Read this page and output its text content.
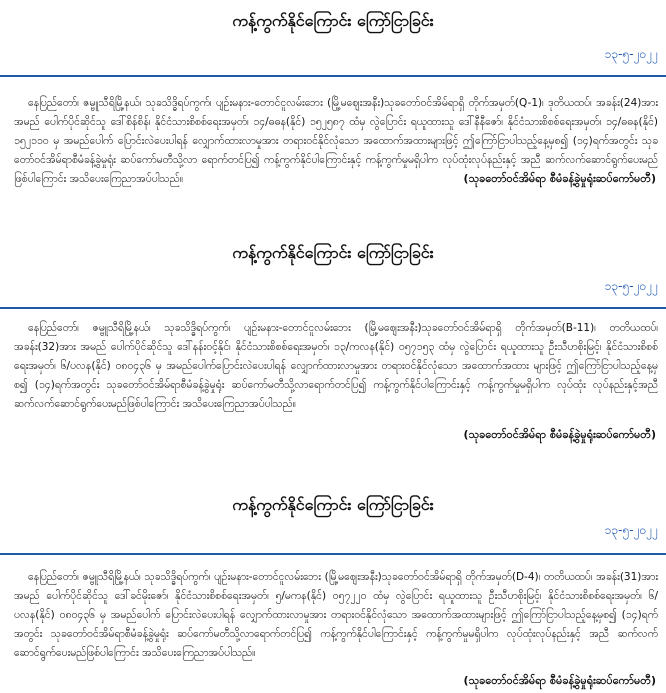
ကန့်ကွက်နိုင်ကြောင်း ကြော်ငြာခြင်း
၁၃-၅-၂၀၂၂
နေပြည်တော်၊ ဇမ္ဗူသီရိမြို့နယ်၊ သုခသိဒ္ဓိရပ်ကွက်၊ ပျဉ်းမနား-တောင်ငူလမ်းဘေး (မြို့မဈေးအနီး)သုခတော်ဝင်အိမ်ရာရှိ တိုက်အမှတ်(Q-1)၊ ဒုတိယထပ်၊ အခန်း(24)အား အမည် ပေါက်ပိုင်ဆိုင်သူ ဒေါ်စိန်စိန်၊ နိုင်ငံသားစိစစ်ရေးအမှတ်၊ ၁၄/ဓဓန(နိုင်) ၁၅၂၅၈၇ ထံမှ လွဲပြောင်း ရယူထားသူ ဒေါ်နီနီဇော်၊ နိုင်ငံသားစိစစ်ရေးအမှတ်၊ ၁၄/ဓဓန(နိုင်) ၁၅၂၁၁၀ မှ အမည်ပေါက် ပြောင်းလဲပေးပါရန် လျှောက်ထားလာမှုအား တရားဝင်နိုင်လုံသော အထောက်အထားများဖြင့် ဤကြော်ငြာပါသည့်နေ့မှစ၍ (၁၄)ရက်အတွင်း သုခတော်ဝင်အိမ်ရာစီမံခန့်ခွဲမှုရုံး ဆပ်ကော်မတီသို့လာ ရောက်တင်ပြ၍ ကန့်ကွက်နိုင်ပါကြောင်းနှင့် ကန့်ကွက်မှုမရှိပါက လုပ်ထုံးလုပ်နည်းနှင့် အညီ ဆက်လက်ဆောင်ရွက်ပေးမည်ဖြစ်ပါကြောင်း အသိပေးကြေညာအပ်ပါသည်။	(သုခတော်ဝင်အိမ်ရာ စီမံခန့်ခွဲမှုရုံးဆပ်ကော်မတီ)
ကန့်ကွက်နိုင်ကြောင်း ကြော်ငြာခြင်း
၁၃-၅-၂၀၂၂
နေပြည်တော်၊ ဇမ္ဗူသီရိမြို့နယ်၊ သုခသိဒ္ဓိရပ်ကွက်၊ ပျဉ်းမနား-တောင်ငူလမ်းဘေး (မြို့မဈေးအနီး)သုခတော်ဝင်အိမ်ရာရှိ တိုက်အမှတ်(B-11)၊ တတိယထပ်၊ အခန်း(32)အား အမည် ပေါက်ပိုင်ဆိုင်သူ ဒေါ်နန်းဝင့်နိုင်၊ နိုင်ငံသားစိစစ်ရေးအမှတ်၊ ၁၃/ကလန(နိုင်) ၀၅၇၁၅၃ ထံမှ လွဲပြောင်း ရယူထားသူ ဦးသီဟစိုးမြင့်၊ နိုင်ငံသားစိစစ်ရေးအမှတ်၊ ၆/ပလန(နိုင်) ၀၈၀၄၃၆ မှ အမည်ပေါက်ပြောင်းလဲပေးပါရန် လျှောက်ထားလာမှုအား တရားဝင်နိုင်လုံသော အထောက်အထား များဖြင့် ဤကြော်ငြာပါသည့်နေ့မှစ၍ (၁၄)ရက်အတွင်း သုခတော်ဝင်အိမ်ရာစီမံခန့်ခွဲမှုရုံး ဆပ်ကော်မတီသို့လာရောက်တင်ပြ၍ ကန့်ကွက်နိုင်ပါကြောင်းနှင့် ကန့်ကွက်မှုမရှိပါက လုပ်ထုံး လုပ်နည်းနှင့်အညီ ဆက်လက်ဆောင်ရွက်ပေးမည်ဖြစ်ပါကြောင်း အသိပေးကြေညာအပ်ပါသည်။
(သုခတော်ဝင်အိမ်ရာ စီမံခန့်ခွဲမှုရုံးဆပ်ကော်မတီ)
ကန့်ကွက်နိုင်ကြောင်း ကြော်ငြာခြင်း
၁၃-၅-၂၀၂၂
နေပြည်တော်၊ ဇမ္ဗူသီရိမြို့နယ်၊ သုခသိဒ္ဓိရပ်ကွက်၊ ပျဉ်းမနား-တောင်ငူလမ်းဘေး (မြို့မဈေးအနီး)သုခတော်ဝင်အိမ်ရာရှိ တိုက်အမှတ်(D-4)၊ တတိယထပ်၊ အခန်း(31)အား အမည် ပေါက်ပိုင်ဆိုင်သူ ဒေါ်ခင်မိုးဇော်၊ နိုင်ငံသားစိစစ်ရေးအမှတ်၊ ၅/မကန(နိုင်) ၀၅၇၂၂၀ ထံမှ လွဲပြောင်း ရယူထားသူ ဦးသီဟစိုးမြင့်၊ နိုင်ငံသားစိစစ်ရေးအမှတ်၊ ၆/ပလန(နိုင်) ၀၈၀၄၃၆ မှ အမည်ပေါက် ပြောင်းလဲပေးပါရန် လျှောက်ထားလာမှုအား တရားဝင်နိုင်လုံသော အထောက်အထားများဖြင့် ဤကြော်ငြာပါသည့်နေ့မှစ၍ (၁၄)ရက်အတွင်း သုခတော်ဝင်အိမ်ရာစီမံခန့်ခွဲမှုရုံး ဆပ်ကော်မတီသို့လာရောက်တင်ပြ၍ ကန့်ကွက်နိုင်ပါကြောင်းနှင့် ကန့်ကွက်မှုမရှိပါက လုပ်ထုံးလုပ်နည်းနှင့် အညီ ဆက်လက်ဆောင်ရွက်ပေးမည်ဖြစ်ပါကြောင်း အသိပေးကြေညာအပ်ပါသည်။
(သုခတော်ဝင်အိမ်ရာ စီမံခန့်ခွဲမှုရုံးဆပ်ကော်မတီ)
